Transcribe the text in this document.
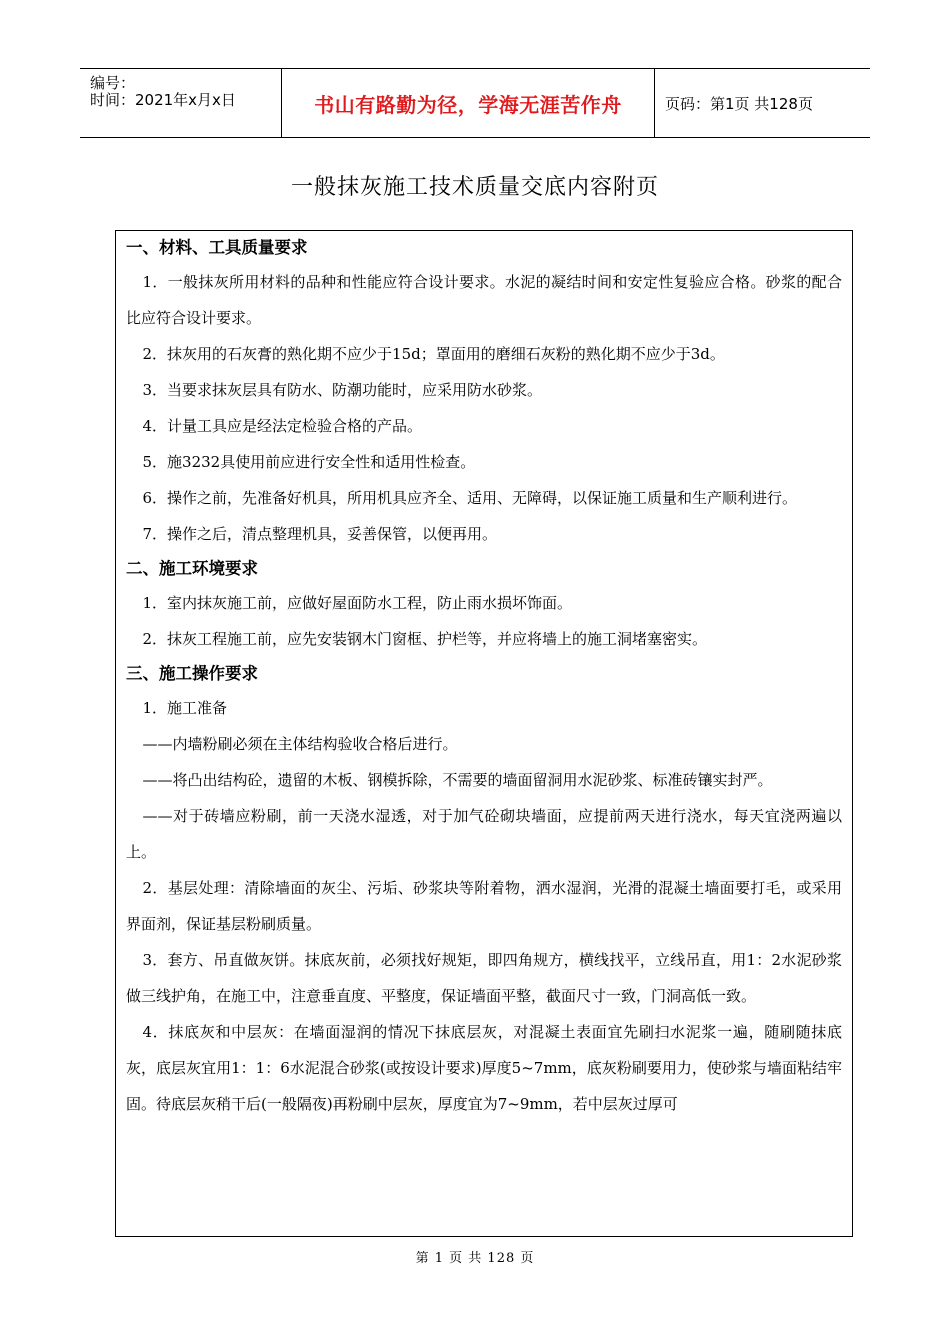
编号：
时间：2021年x月x日	书山有路勤为径，学海无涯苦作舟	页码：第1页 共128页
一般抹灰施工技术质量交底内容附页
一、材料、工具质量要求

1．一般抹灰所用材料的品种和性能应符合设计要求。水泥的凝结时间和安定性复验应合格。砂浆的配合比应符合设计要求。

2．抹灰用的石灰膏的熟化期不应少于15d；罩面用的磨细石灰粉的熟化期不应少于3d。

3．当要求抹灰层具有防水、防潮功能时，应采用防水砂浆。

4．计量工具应是经法定检验合格的产品。

5．施3232具使用前应进行安全性和适用性检查。

6．操作之前，先准备好机具，所用机具应齐全、适用、无障碍，以保证施工质量和生产顺利进行。

7．操作之后，清点整理机具，妥善保管，以便再用。

二、施工环境要求

1．室内抹灰施工前，应做好屋面防水工程，防止雨水损坏饰面。

2．抹灰工程施工前，应先安装钢木门窗框、护栏等，并应将墙上的施工洞堵塞密实。

三、施工操作要求

1．施工准备

——内墙粉刷必须在主体结构验收合格后进行。

——将凸出结构砼，遗留的木板、钢模拆除，不需要的墙面留洞用水泥砂浆、标准砖镶实封严。

——对于砖墙应粉刷，前一天浇水湿透，对于加气砼砌块墙面，应提前两天进行浇水，每天宜浇两遍以上。

2．基层处理：清除墙面的灰尘、污垢、砂浆块等附着物，洒水湿润，光滑的混凝土墙面要打毛，或采用界面剂，保证基层粉刷质量。

3．套方、吊直做灰饼。抹底灰前，必须找好规矩，即四角规方，横线找平，立线吊直，用1：2水泥砂浆做三线护角，在施工中，注意垂直度、平整度，保证墙面平整，截面尺寸一致，门洞高低一致。

4．抹底灰和中层灰：在墙面湿润的情况下抹底层灰，对混凝土表面宜先刷扫水泥浆一遍，随刷随抹底灰，底层灰宜用1：1：6水泥混合砂浆(或按设计要求)厚度5~7mm，底灰粉刷要用力，使砂浆与墙面粘结牢固。待底层灰稍干后(一般隔夜)再粉刷中层灰，厚度宜为7~9mm，若中层灰过厚可

第 1 页 共 128 页
